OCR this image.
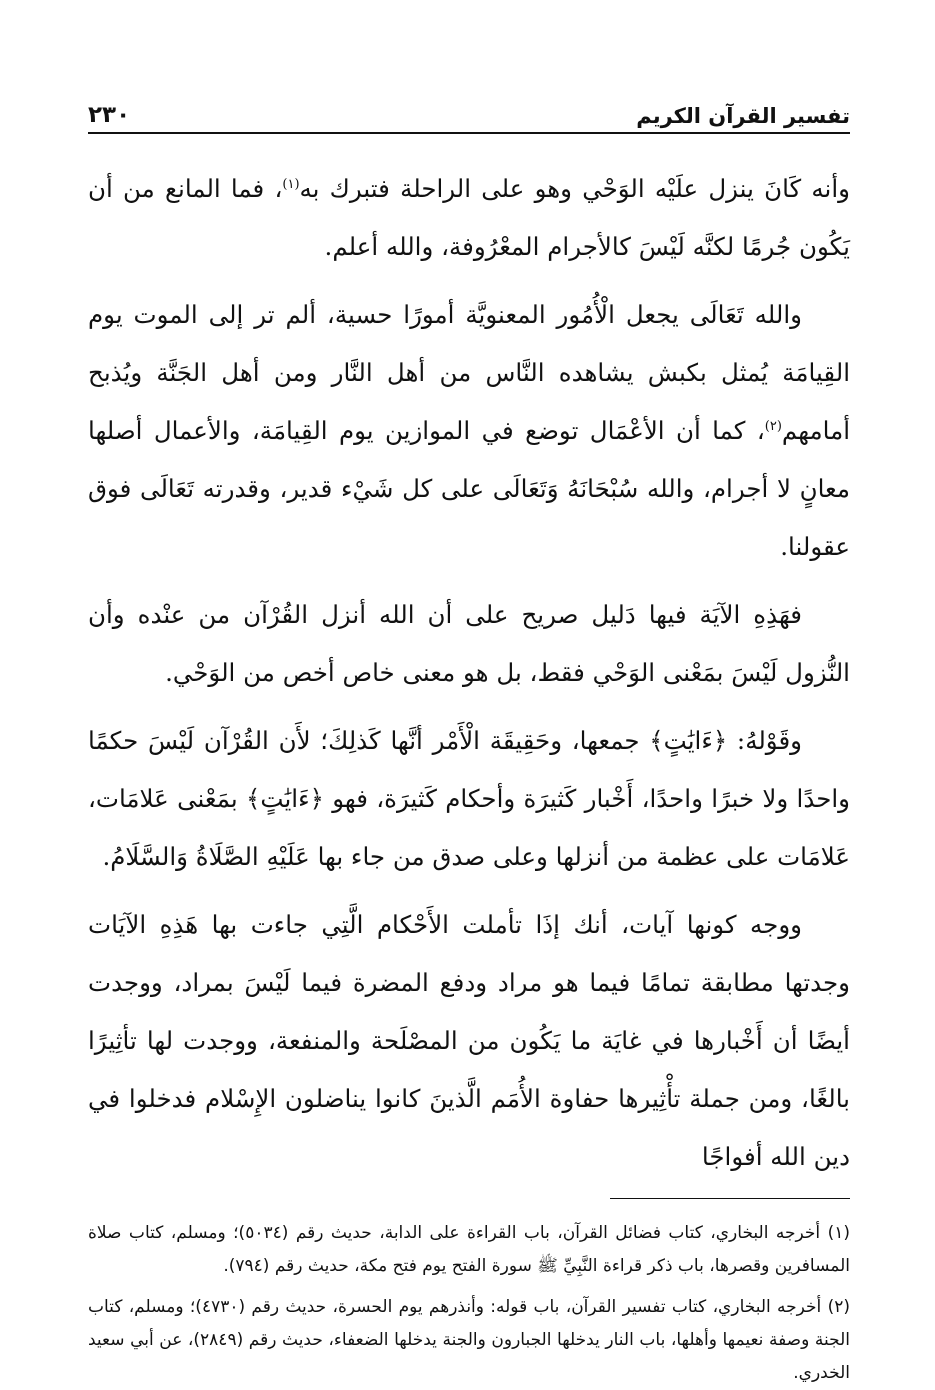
تفسير القرآن الكريم
٢٣٠

وأنه كَانَ ينزل علَيْه الوَحْي وهو على الراحلة فتبرك به$^{(١)}$، فما المانع من أن يَكُون جُرمًا لكنَّه لَيْسَ كالأجرام المعْرُوفة، والله أعلم.

والله تَعَالَى يجعل الْأُمُور المعنويَّة أمورًا حسية، ألم تر إلى الموت يوم القِيامَة يُمثل بكبش يشاهده النَّاس من أهل النَّار ومن أهل الجَنَّة ويُذبح أمامهم$^{(٢)}$، كما أن الأعْمَال توضع في الموازين يوم القِيامَة، والأعمال أصلها معانٍ لا أجرام، والله سُبْحَانَهُ وَتَعَالَى على كل شَيْء قدير، وقدرته تَعَالَى فوق عقولنا.

فهَذِهِ الآيَة فيها دَليل صريح على أن الله أنزل القُرْآن من عنْده وأن النُّزول لَيْسَ بمَعْنى الوَحْي فقط، بل هو معنى خاص أخص من الوَحْي.

وقَوْلهُ: ﴿ءَايَٰتٍ﴾ جمعها، وحَقِيقَة الْأَمْر أنَّها كَذلِكَ؛ لأَن القُرْآن لَيْسَ حكمًا واحدًا ولا خبرًا واحدًا، أَخْبار كَثيرَة وأحكام كَثيرَة، فهو ﴿ءَايَٰتٍ﴾ بمَعْنى عَلامَات، عَلامَات على عظمة من أنزلها وعلى صدق من جاء بها عَلَيْهِ الصَّلَاةُ وَالسَّلَامُ.

ووجه كونها آيات، أنك إذَا تأملت الأَحْكام الَّتِي جاءت بها هَذِهِ الآيَات وجدتها مطابقة تمامًا فيما هو مراد ودفع المضرة فيما لَيْسَ بمراد، ووجدت أيضًا أن أَخْبارها في غايَة ما يَكُون من المصْلَحة والمنفعة، ووجدت لها تأثِيرًا بالغًا، ومن جملة تأْثِيرها حفاوة الأُمَم الَّذينَ كانوا يناضلون الإِسْلام فدخلوا في دين الله أفواجًا

(١) أخرجه البخاري، كتاب فضائل القرآن، باب القراءة على الدابة، حديث رقم (٥٠٣٤)؛ ومسلم، كتاب صلاة المسافرين وقصرها، باب ذكر قراءة النَّبِيِّ ﷺ سورة الفتح يوم فتح مكة، حديث رقم (٧٩٤).

(٢) أخرجه البخاري، كتاب تفسير القرآن، باب قوله: وأنذرهم يوم الحسرة، حديث رقم (٤٧٣٠)؛ ومسلم، كتاب الجنة وصفة نعيمها وأهلها، باب النار يدخلها الجبارون والجنة يدخلها الضعفاء، حديث رقم (٢٨٤٩)، عن أبي سعيد الخدري.
